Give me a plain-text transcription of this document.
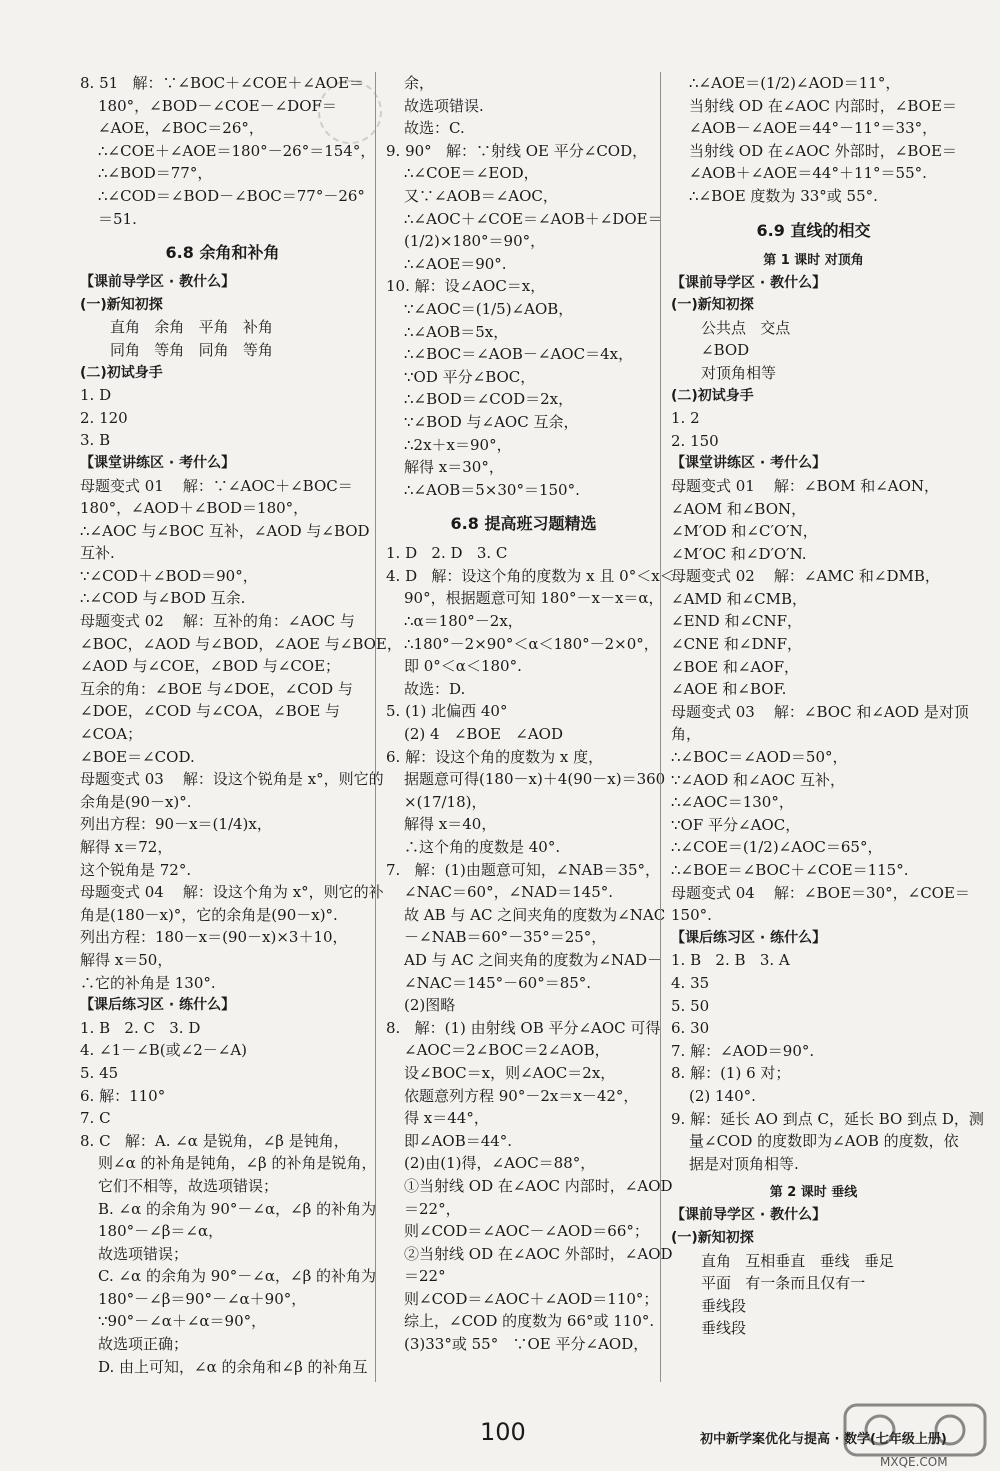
8. 51   解：∵∠BOC＋∠COE＋∠AOE＝
180°，∠BOD－∠COE－∠DOF＝
∠AOE，∠BOC＝26°，
∴∠COE＋∠AOE＝180°－26°＝154°，
∴∠BOD＝77°，
∴∠COD＝∠BOD－∠BOC＝77°－26°
＝51.
6.8 余角和补角
【课前导学区 · 教什么】
(一)新知初探
直角   余角   平角   补角
同角   等角   同角   等角
(二)初试身手
1. D
2. 120
3. B
【课堂讲练区 · 考什么】
母题变式 01    解：∵∠AOC＋∠BOC＝
180°，∠AOD＋∠BOD＝180°，
∴∠AOC 与∠BOC 互补，∠AOD 与∠BOD
互补.
∵∠COD＋∠BOD＝90°，
∴∠COD 与∠BOD 互余.
母题变式 02    解：互补的角：∠AOC 与
∠BOC，∠AOD 与∠BOD，∠AOE 与∠BOE，
∠AOD 与∠COE，∠BOD 与∠COE；
互余的角：∠BOE 与∠DOE，∠COD 与
∠DOE，∠COD 与∠COA，∠BOE 与
∠COA；
∠BOE＝∠COD.
母题变式 03    解：设这个锐角是 x°，则它的
余角是(90－x)°.
列出方程：90－x＝(1/4)x，
解得 x＝72，
这个锐角是 72°.
母题变式 04    解：设这个角为 x°，则它的补
角是(180－x)°，它的余角是(90－x)°.
列出方程：180－x＝(90－x)×3＋10，
解得 x＝50，
∴它的补角是 130°.
【课后练习区 · 练什么】
1. B   2. C   3. D
4. ∠1－∠B(或∠2－∠A)
5. 45
6. 解：110°
7. C
8. C   解：A. ∠α 是锐角，∠β 是钝角，
则∠α 的补角是钝角，∠β 的补角是锐角，
它们不相等，故选项错误；
B. ∠α 的余角为 90°－∠α，∠β 的补角为
180°－∠β＝∠α，
故选项错误；
C. ∠α 的余角为 90°－∠α，∠β 的补角为
180°－∠β＝90°－∠α＋90°，
∵90°－∠α＋∠α＝90°，
故选项正确；
D. 由上可知，∠α 的余角和∠β 的补角互
余，
故选项错误.
故选：C.
9. 90°   解：∵射线 OE 平分∠COD，
∴∠COE＝∠EOD，
又∵∠AOB＝∠AOC，
∴∠AOC＋∠COE＝∠AOB＋∠DOE＝
(1/2)×180°＝90°，
∴∠AOE＝90°.
10. 解：设∠AOC＝x，
∵∠AOC＝(1/5)∠AOB，
∴∠AOB＝5x，
∴∠BOC＝∠AOB－∠AOC＝4x，
∵OD 平分∠BOC，
∴∠BOD＝∠COD＝2x，
∵∠BOD 与∠AOC 互余，
∴2x＋x＝90°，
解得 x＝30°，
∴∠AOB＝5×30°＝150°.
6.8 提高班习题精选
1. D   2. D   3. C
4. D   解：设这个角的度数为 x 且 0°＜x＜
90°，根据题意可知 180°－x－x＝α，
∴α＝180°－2x，
∴180°－2×90°＜α＜180°－2×0°，
即 0°＜α＜180°.
故选：D.
5. (1) 北偏西 40°
(2) 4   ∠BOE   ∠AOD
6. 解：设这个角的度数为 x 度，
据题意可得(180－x)＋4(90－x)＝360
×(17/18)，
解得 x＝40，
∴这个角的度数是 40°.
7.   解：(1)由题意可知，∠NAB＝35°，
∠NAC＝60°，∠NAD＝145°.
故 AB 与 AC 之间夹角的度数为∠NAC
－∠NAB＝60°－35°＝25°，
AD 与 AC 之间夹角的度数为∠NAD－
∠NAC＝145°－60°＝85°.
(2)图略
8.   解：(1) 由射线 OB 平分∠AOC 可得
∠AOC＝2∠BOC＝2∠AOB，
设∠BOC＝x，则∠AOC＝2x，
依题意列方程 90°－2x＝x－42°，
得 x＝44°，
即∠AOB＝44°.
(2)由(1)得，∠AOC＝88°，
①当射线 OD 在∠AOC 内部时，∠AOD
＝22°，
则∠COD＝∠AOC－∠AOD＝66°；
②当射线 OD 在∠AOC 外部时，∠AOD
＝22°
则∠COD＝∠AOC＋∠AOD＝110°；
综上，∠COD 的度数为 66°或 110°.
(3)33°或 55°   ∵OE 平分∠AOD，
∴∠AOE＝(1/2)∠AOD＝11°，
当射线 OD 在∠AOC 内部时，∠BOE＝
∠AOB－∠AOE＝44°－11°＝33°，
当射线 OD 在∠AOC 外部时，∠BOE＝
∠AOB＋∠AOE＝44°＋11°＝55°.
∴∠BOE 度数为 33°或 55°.
6.9 直线的相交
第 1 课时 对顶角
【课前导学区 · 教什么】
(一)新知初探
公共点   交点
∠BOD
对顶角相等
(二)初试身手
1. 2
2. 150
【课堂讲练区 · 考什么】
母题变式 01    解：∠BOM 和∠AON，
∠AOM 和∠BON，
∠M′OD 和∠C′O′N，
∠M′OC 和∠D′O′N.
母题变式 02    解：∠AMC 和∠DMB，
∠AMD 和∠CMB，
∠END 和∠CNF，
∠CNE 和∠DNF，
∠BOE 和∠AOF，
∠AOE 和∠BOF.
母题变式 03    解：∠BOC 和∠AOD 是对顶
角，
∴∠BOC＝∠AOD＝50°，
∵∠AOD 和∠AOC 互补，
∴∠AOC＝130°，
∵OF 平分∠AOC，
∴∠COE＝(1/2)∠AOC＝65°，
∴∠BOE＝∠BOC＋∠COE＝115°.
母题变式 04    解：∠BOE＝30°，∠COE＝
150°.
【课后练习区 · 练什么】
1. B   2. B   3. A
4. 35
5. 50
6. 30
7. 解：∠AOD＝90°.
8. 解：(1) 6 对；
(2) 140°.
9. 解：延长 AO 到点 C，延长 BO 到点 D，测
量∠COD 的度数即为∠AOB 的度数，依
据是对顶角相等.
第 2 课时 垂线
【课前导学区 · 教什么】
(一)新知初探
直角   互相垂直   垂线   垂足
平面   有一条而且仅有一
垂线段
垂线段
100	初中新学案优化与提高 · 数学(七年级上册)
MXQE.COM
